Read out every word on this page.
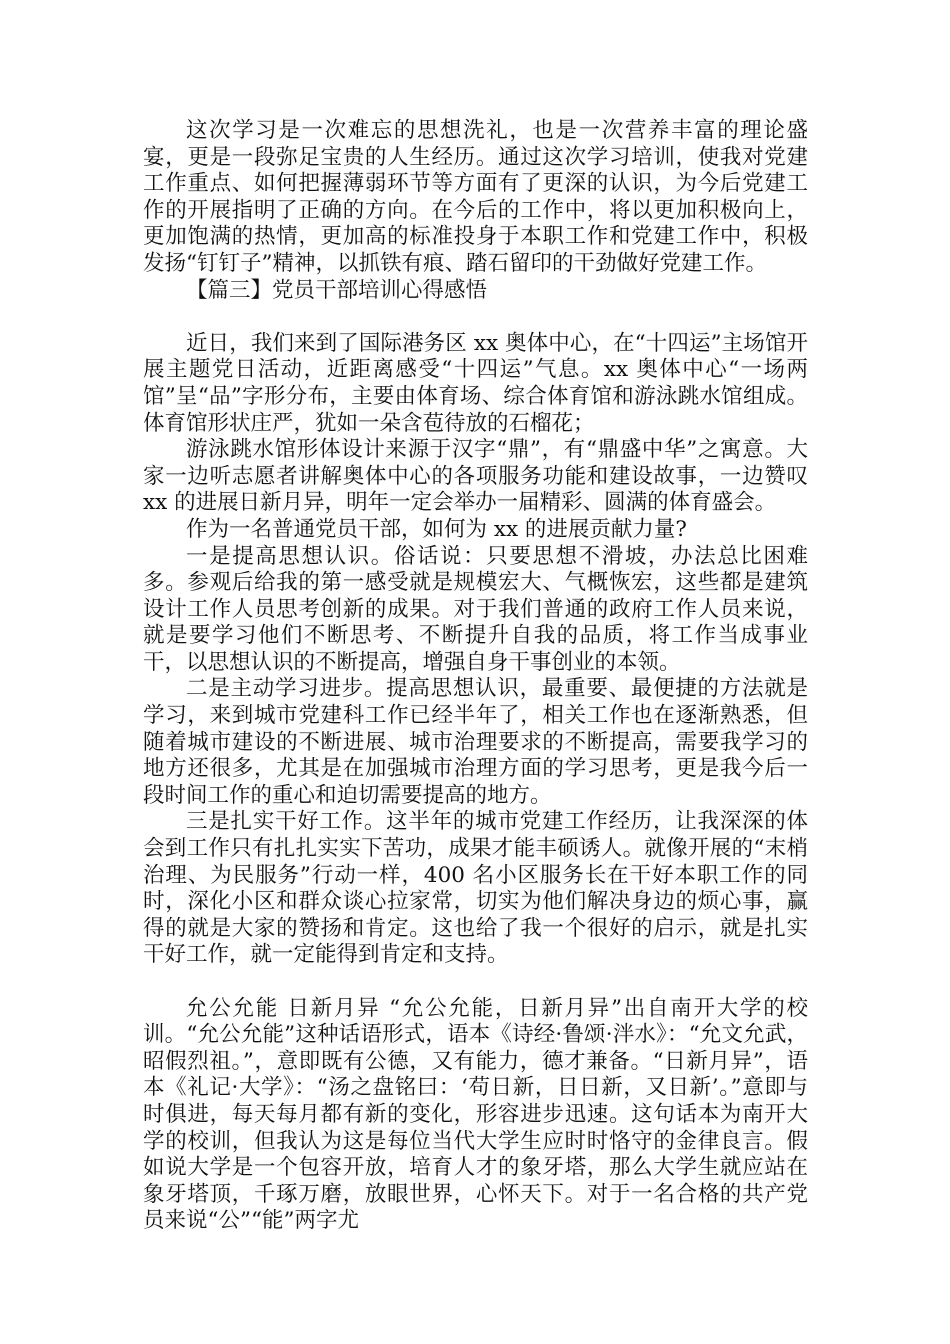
这次学习是一次难忘的思想洗礼，也是一次营养丰富的理论盛宴，更是一段弥足宝贵的人生经历。通过这次学习培训，使我对党建工作重点、如何把握薄弱环节等方面有了更深的认识，为今后党建工作的开展指明了正确的方向。在今后的工作中，将以更加积极向上，更加饱满的热情，更加高的标准投身于本职工作和党建工作中，积极发扬“钉钉子”精神，以抓铁有痕、踏石留印的干劲做好党建工作。

【篇三】党员干部培训心得感悟

近日，我们来到了国际港务区 xx 奥体中心，在“十四运”主场馆开展主题党日活动，近距离感受“十四运”气息。xx 奥体中心“一场两馆”呈“品”字形分布，主要由体育场、综合体育馆和游泳跳水馆组成。体育馆形状庄严，犹如一朵含苞待放的石榴花；

游泳跳水馆形体设计来源于汉字“鼎”，有“鼎盛中华”之寓意。大家一边听志愿者讲解奥体中心的各项服务功能和建设故事，一边赞叹 xx 的进展日新月异，明年一定会举办一届精彩、圆满的体育盛会。

作为一名普通党员干部，如何为 xx 的进展贡献力量?

一是提高思想认识。俗话说：只要思想不滑坡，办法总比困难多。参观后给我的第一感受就是规模宏大、气概恢宏，这些都是建筑设计工作人员思考创新的成果。对于我们普通的政府工作人员来说，就是要学习他们不断思考、不断提升自我的品质，将工作当成事业干，以思想认识的不断提高，增强自身干事创业的本领。

二是主动学习进步。提高思想认识，最重要、最便捷的方法就是学习，来到城市党建科工作已经半年了，相关工作也在逐渐熟悉，但随着城市建设的不断进展、城市治理要求的不断提高，需要我学习的地方还很多，尤其是在加强城市治理方面的学习思考，更是我今后一段时间工作的重心和迫切需要提高的地方。

三是扎实干好工作。这半年的城市党建工作经历，让我深深的体会到工作只有扎扎实实下苦功，成果才能丰硕诱人。就像开展的“末梢治理、为民服务”行动一样，400 名小区服务长在干好本职工作的同时，深化小区和群众谈心拉家常，切实为他们解决身边的烦心事，赢得的就是大家的赞扬和肯定。这也给了我一个很好的启示，就是扎实干好工作，就一定能得到肯定和支持。

允公允能 日新月异 “允公允能，日新月异”出自南开大学的校训。“允公允能”这种话语形式，语本《诗经·鲁颂·泮水》：“允文允武，昭假烈祖。”，意即既有公德，又有能力，德才兼备。“日新月异”，语本《礼记·大学》：“汤之盘铭曰：‘苟日新，日日新，又日新’。”意即与时俱进，每天每月都有新的变化，形容进步迅速。这句话本为南开大学的校训，但我认为这是每位当代大学生应时时恪守的金律良言。假如说大学是一个包容开放，培育人才的象牙塔，那么大学生就应站在象牙塔顶，千琢万磨，放眼世界，心怀天下。对于一名合格的共产党员来说“公”“能”两字尤
